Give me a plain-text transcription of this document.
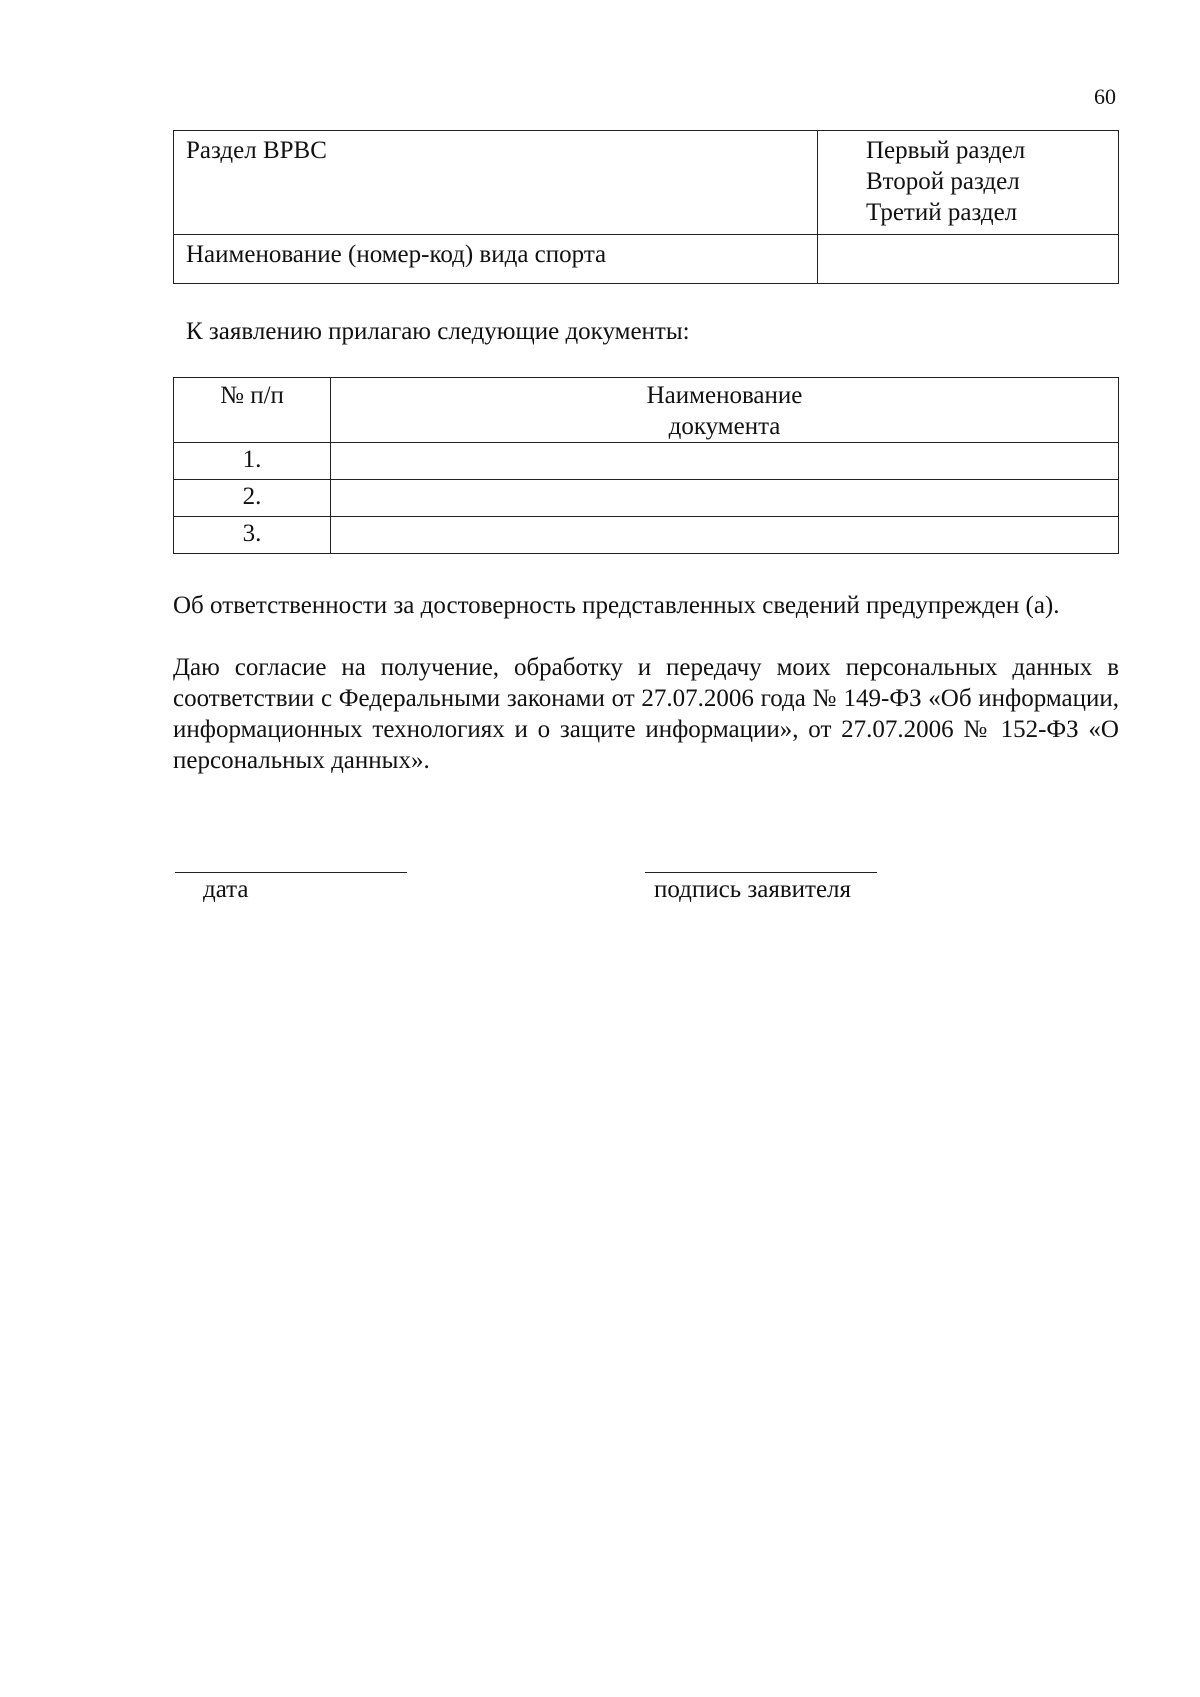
60
Раздел ВРВС	Первый раздел
Второй раздел
Третий раздел

Наименование (номер-код) вида спорта	

К заявлению прилагаю следующие документы:
№ п/п	Наименование
документа

1.	
2.	
3.	
Об ответственности за достоверность представленных сведений предупрежден (а).
Даю согласие на получение, обработку и передачу моих персональных данных в соответствии с Федеральными законами от 27.07.2006 года № 149-ФЗ «Об информации, информационных технологиях и о защите информации», от 27.07.2006 № 152-ФЗ «О персональных данных».
дата	подпись заявителя
